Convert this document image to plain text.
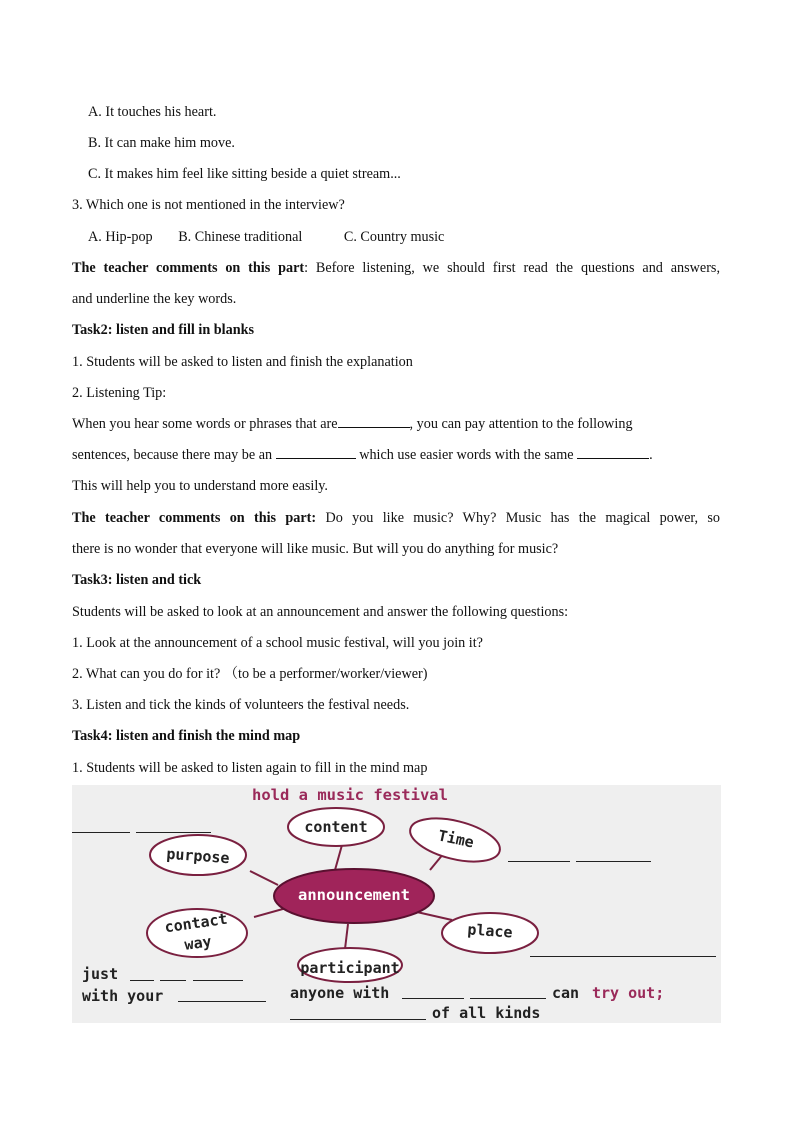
A. It touches his heart.
B. It can make him move.
C. It makes him feel like sitting beside a quiet stream...
3. Which one is not mentioned in the interview?
A. Hip-pop B. Chinese traditional	C. Country music
The teacher comments on this part: Before listening, we should first read the questions and answers,
and underline the key words.
Task2: listen and fill in blanks
1. Students will be asked to listen and finish the explanation
2. Listening Tip:
When you hear some words or phrases that are	, you can pay attention to the following
sentences, because there may be an	which use easier words with the same	.
This will help you to understand more easily.
The teacher comments on this part: Do you like music? Why? Music has the magical power, so
there is no wonder that everyone will like music. But will you do anything for music?
Task3: listen and tick
Students will be asked to look at an announcement and answer the following questions:
1. Look at the announcement of a school music festival, will you join it?
2. What can you do for it? （to be a performer/worker/viewer)
3. Listen and tick the kinds of volunteers the festival needs.
Task4: listen and finish the mind map
1. Students will be asked to listen again to fill in the mind map
hold a music festival
content	Time
purpose
announcement
place
contact
way
participant
just
with your	anyone with	can try out;
of all kinds
